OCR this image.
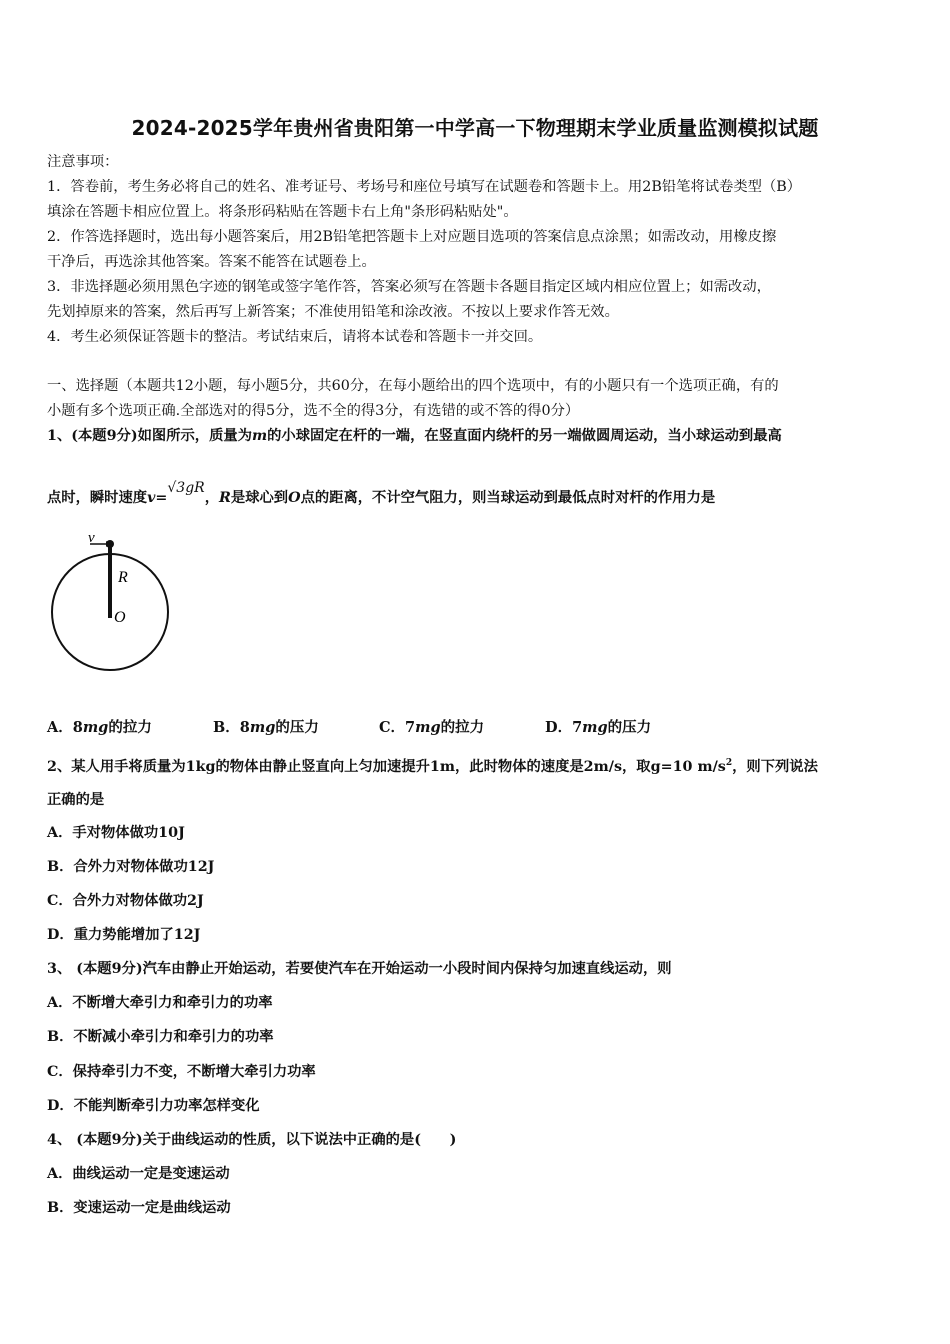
2024-2025学年贵州省贵阳第一中学高一下物理期末学业质量监测模拟试题
注意事项：
1．答卷前，考生务必将自己的姓名、准考证号、考场号和座位号填写在试题卷和答题卡上。用2B铅笔将试卷类型（B）
填涂在答题卡相应位置上。将条形码粘贴在答题卡右上角"条形码粘贴处"。
2．作答选择题时，选出每小题答案后，用2B铅笔把答题卡上对应题目选项的答案信息点涂黑；如需改动，用橡皮擦
干净后，再选涂其他答案。答案不能答在试题卷上。
3．非选择题必须用黑色字迹的钢笔或签字笔作答，答案必须写在答题卡各题目指定区域内相应位置上；如需改动，
先划掉原来的答案，然后再写上新答案；不准使用铅笔和涂改液。不按以上要求作答无效。
4．考生必须保证答题卡的整洁。考试结束后，请将本试卷和答题卡一并交回。
一、选择题（本题共12小题，每小题5分，共60分，在每小题给出的四个选项中，有的小题只有一个选项正确，有的
小题有多个选项正确.全部选对的得5分，选不全的得3分，有选错的或不答的得0分）
1、(本题9分)如图所示，质量为m的小球固定在杆的一端，在竖直面内绕杆的另一端做圆周运动，当小球运动到最高
点时，瞬时速度v=√3gR，R是球心到O点的距离，不计空气阻力，则当球运动到最低点时对杆的作用力是
v
R
O
A．8mg的拉力	B．8mg的压力	C．7mg的拉力	D．7mg的压力
2、某人用手将质量为1kg的物体由静止竖直向上匀加速提升1m，此时物体的速度是2m/s，取g=10 $m/s^2$，则下列说法
正确的是
A．手对物体做功10J
B．合外力对物体做功12J
C．合外力对物体做功2J
D．重力势能增加了12J
3、 (本题9分)汽车由静止开始运动，若要使汽车在开始运动一小段时间内保持匀加速直线运动，则
A．不断增大牵引力和牵引力的功率
B．不断减小牵引力和牵引力的功率
C．保持牵引力不变，不断增大牵引力功率
D．不能判断牵引力功率怎样变化
4、 (本题9分)关于曲线运动的性质，以下说法中正确的是(　　)
A．曲线运动一定是变速运动
B．变速运动一定是曲线运动
